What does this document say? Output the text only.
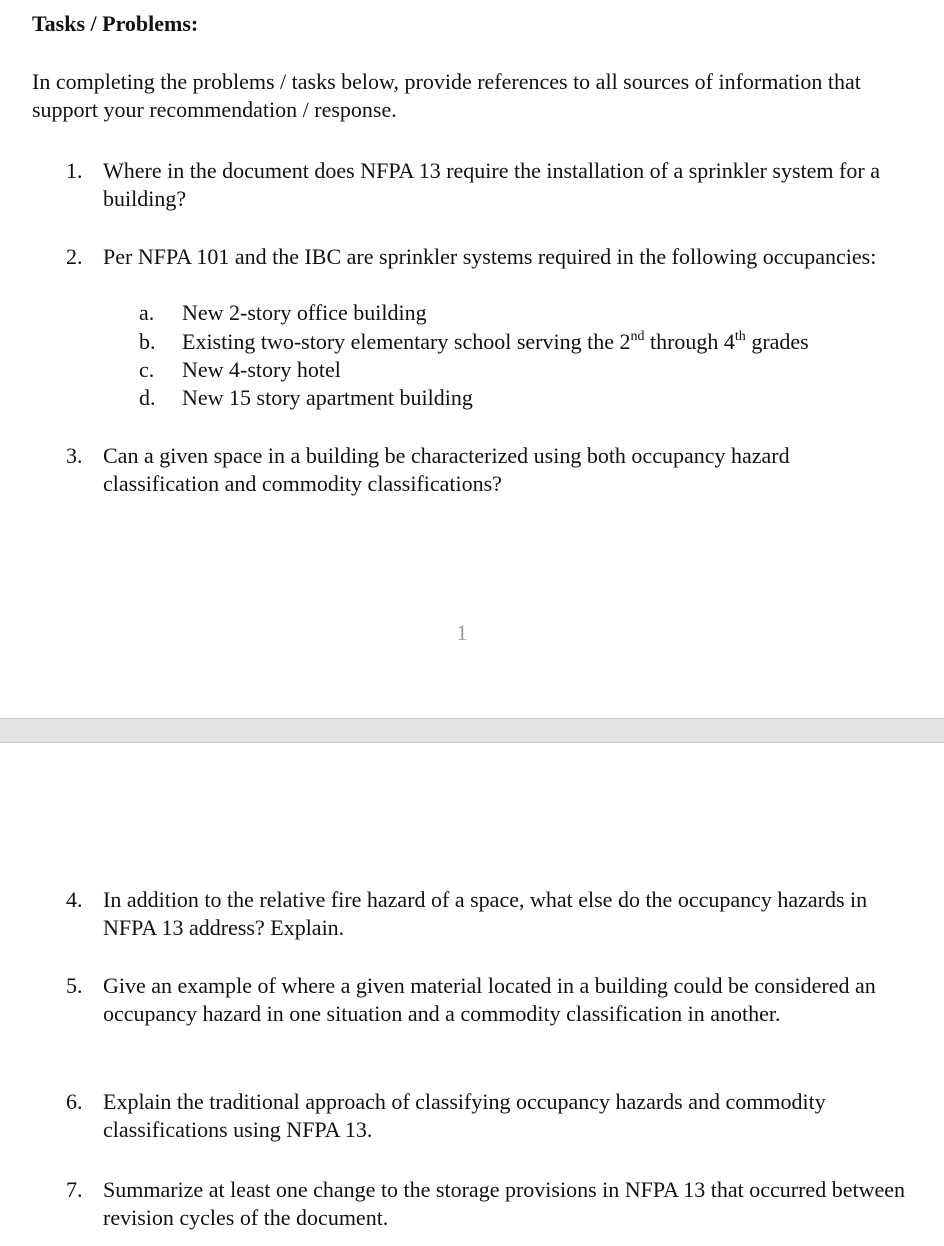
Tasks / Problems:
In completing the problems / tasks below, provide references to all sources of information that support your recommendation / response.
1. Where in the document does NFPA 13 require the installation of a sprinkler system for a building?
2. Per NFPA 101 and the IBC are sprinkler systems required in the following occupancies:
a.	New 2-story office building
b.	Existing two-story elementary school serving the 2nd through 4th grades
c.	New 4-story hotel
d.	New 15 story apartment building
3. Can a given space in a building be characterized using both occupancy hazard classification and commodity classifications?
1
4. In addition to the relative fire hazard of a space, what else do the occupancy hazards in NFPA 13 address? Explain.
5. Give an example of where a given material located in a building could be considered an occupancy hazard in one situation and a commodity classification in another.
6. Explain the traditional approach of classifying occupancy hazards and commodity classifications using NFPA 13.
7. Summarize at least one change to the storage provisions in NFPA 13 that occurred between revision cycles of the document.
